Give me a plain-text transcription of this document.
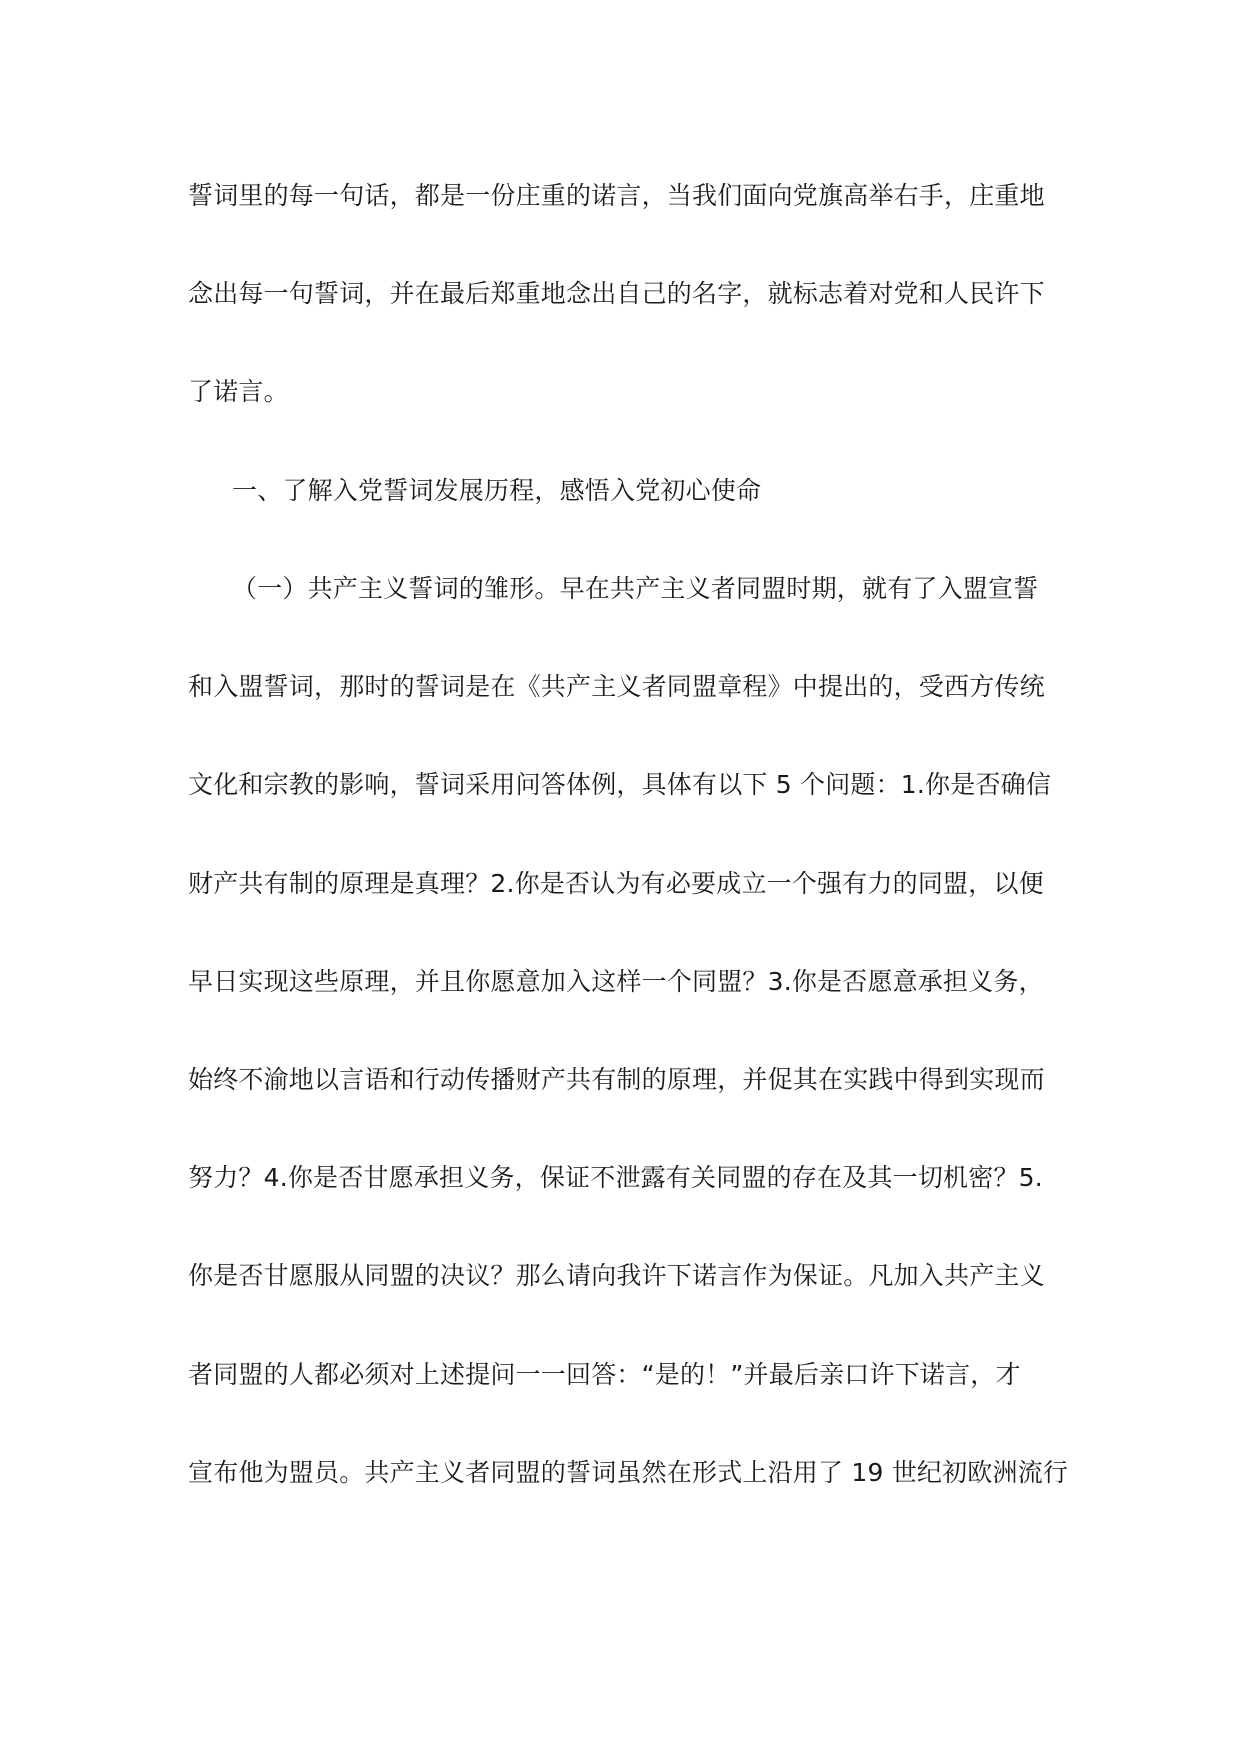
誓词里的每一句话，都是一份庄重的诺言，当我们面向党旗高举右手，庄重地
念出每一句誓词，并在最后郑重地念出自己的名字，就标志着对党和人民许下
了诺言。
一、了解入党誓词发展历程，感悟入党初心使命
（一）共产主义誓词的雏形。早在共产主义者同盟时期，就有了入盟宣誓
和入盟誓词，那时的誓词是在《共产主义者同盟章程》中提出的，受西方传统
文化和宗教的影响，誓词采用问答体例，具体有以下 5 个问题：1.你是否确信
财产共有制的原理是真理？2.你是否认为有必要成立一个强有力的同盟，以便
早日实现这些原理，并且你愿意加入这样一个同盟？3.你是否愿意承担义务，
始终不渝地以言语和行动传播财产共有制的原理，并促其在实践中得到实现而
努力？4.你是否甘愿承担义务，保证不泄露有关同盟的存在及其一切机密？5.
你是否甘愿服从同盟的决议？那么请向我许下诺言作为保证。凡加入共产主义
者同盟的人都必须对上述提问一一回答：“是的！”并最后亲口许下诺言，才
宣布他为盟员。共产主义者同盟的誓词虽然在形式上沿用了 19 世纪初欧洲流行
